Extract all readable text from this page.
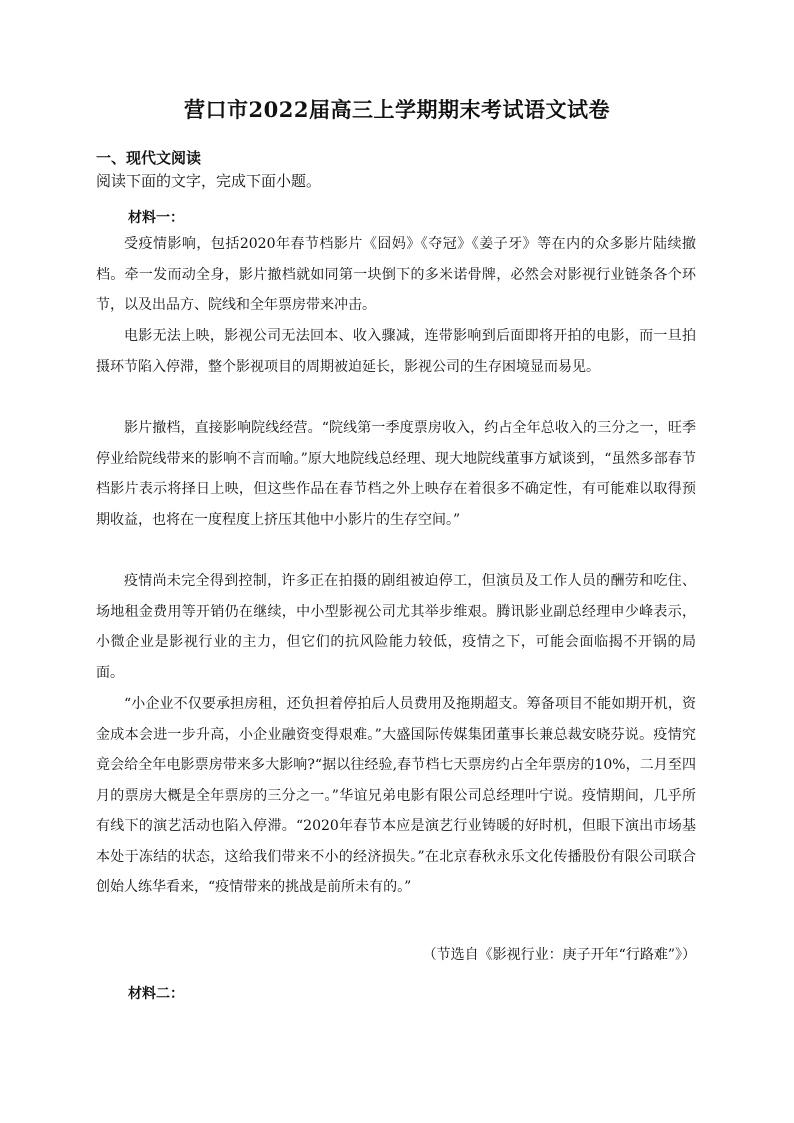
营口市2022届高三上学期期末考试语文试卷
一、现代文阅读
阅读下面的文字，完成下面小题。
材料一：

受疫情影响，包括2020年春节档影片《囧妈》《夺冠》《姜子牙》等在内的众多影片陆续撤档。牵一发而动全身，影片撤档就如同第一块倒下的多米诺骨牌，必然会对影视行业链条各个环节，以及出品方、院线和全年票房带来冲击。

电影无法上映，影视公司无法回本、收入骤减，连带影响到后面即将开拍的电影，而一旦拍摄环节陷入停滞，整个影视项目的周期被迫延长，影视公司的生存困境显而易见。

影片撤档，直接影响院线经营。“院线第一季度票房收入，约占全年总收入的三分之一，旺季停业给院线带来的影响不言而喻。”原大地院线总经理、现大地院线董事方斌谈到，“虽然多部春节档影片表示将择日上映，但这些作品在春节档之外上映存在着很多不确定性，有可能难以取得预期收益，也将在一度程度上挤压其他中小影片的生存空间。”

疫情尚未完全得到控制，许多正在拍摄的剧组被迫停工，但演员及工作人员的酬劳和吃住、场地租金费用等开销仍在继续，中小型影视公司尤其举步维艰。腾讯影业副总经理申少峰表示，小微企业是影视行业的主力，但它们的抗风险能力较低，疫情之下，可能会面临揭不开锅的局面。

“小企业不仅要承担房租，还负担着停拍后人员费用及拖期超支。筹备项目不能如期开机，资金成本会进一步升高，小企业融资变得艰难。”大盛国际传媒集团董事长兼总裁安晓芬说。疫情究竟会给全年电影票房带来多大影响?“据以往经验,春节档七天票房约占全年票房的10%，二月至四月的票房大概是全年票房的三分之一。”华谊兄弟电影有限公司总经理叶宁说。疫情期间，几乎所有线下的演艺活动也陷入停滞。“2020年春节本应是演艺行业铸暖的好时机，但眼下演出市场基本处于冻结的状态，这给我们带来不小的经济损失。”在北京春秋永乐文化传播股份有限公司联合创始人练华看来，“疫情带来的挑战是前所未有的。”

（节选自《影视行业：庚子开年“行路难”》）
材料二：
